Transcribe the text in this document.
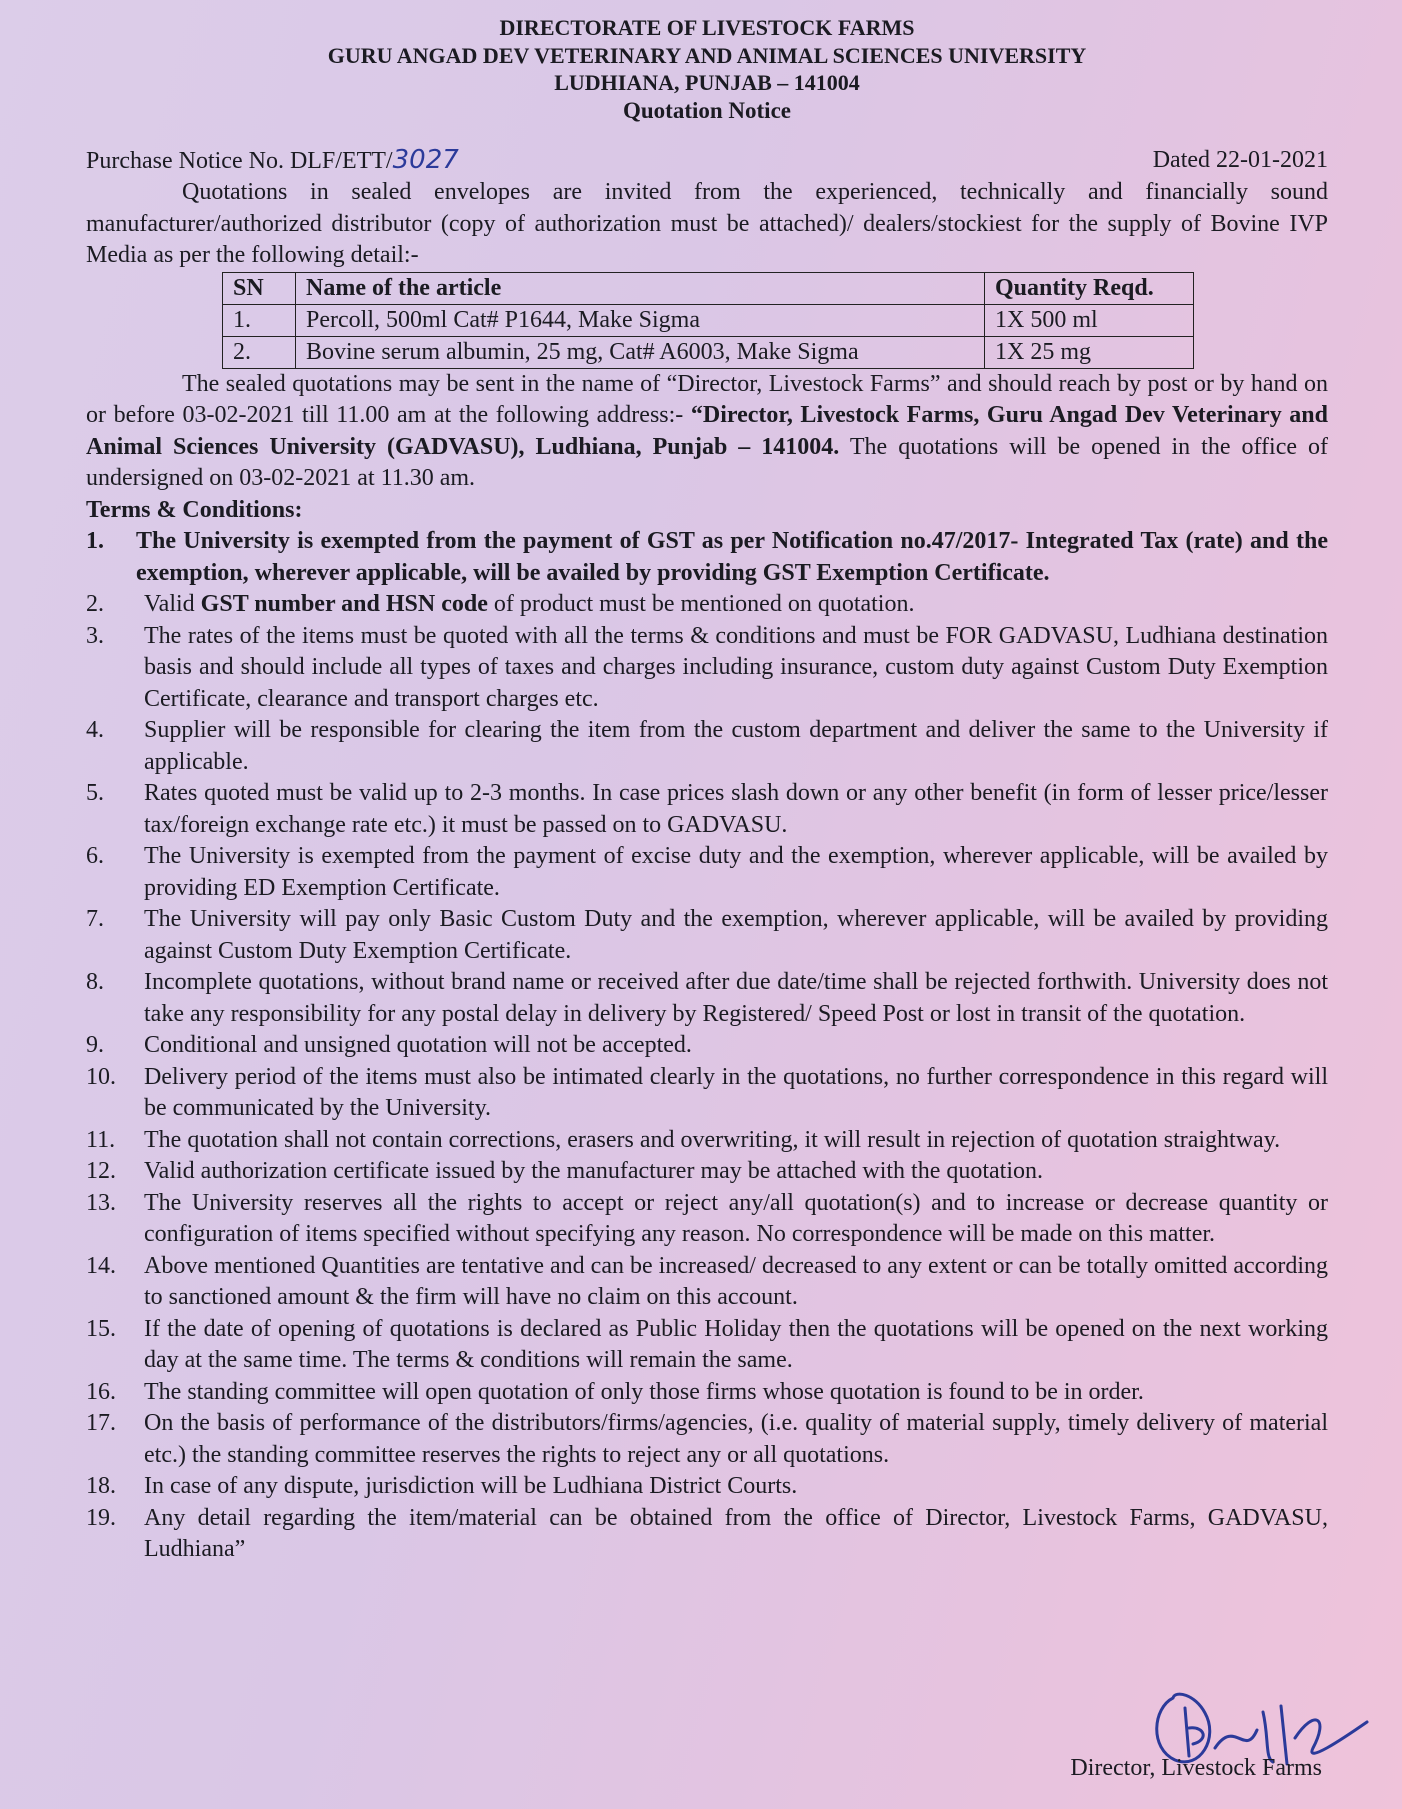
DIRECTORATE OF LIVESTOCK FARMS
GURU ANGAD DEV VETERINARY AND ANIMAL SCIENCES UNIVERSITY
LUDHIANA, PUNJAB – 141004
Quotation Notice
Purchase Notice No. DLF/ETT/3027	Dated 22-01-2021
Quotations in sealed envelopes are invited from the experienced, technically and financially sound manufacturer/authorized distributor (copy of authorization must be attached)/ dealers/stockiest for the supply of Bovine IVP Media as per the following detail:-
SN	Name of the article	Quantity Reqd.
1.	Percoll, 500ml Cat# P1644, Make Sigma	1X 500 ml
2.	Bovine serum albumin, 25 mg, Cat# A6003, Make Sigma	1X 25 mg
The sealed quotations may be sent in the name of “Director, Livestock Farms” and should reach by post or by hand on or before 03-02-2021 till 11.00 am at the following address:- “Director, Livestock Farms, Guru Angad Dev Veterinary and Animal Sciences University (GADVASU), Ludhiana, Punjab – 141004. The quotations will be opened in the office of undersigned on 03-02-2021 at 11.30 am.
Terms & Conditions:
1.	The University is exempted from the payment of GST as per Notification no.47/2017- Integrated Tax (rate) and the exemption, wherever applicable, will be availed by providing GST Exemption Certificate.
2.	Valid GST number and HSN code of product must be mentioned on quotation.
3.	The rates of the items must be quoted with all the terms & conditions and must be FOR GADVASU, Ludhiana destination basis and should include all types of taxes and charges including insurance, custom duty against Custom Duty Exemption Certificate, clearance and transport charges etc.
4.	Supplier will be responsible for clearing the item from the custom department and deliver the same to the University if applicable.
5.	Rates quoted must be valid up to 2-3 months. In case prices slash down or any other benefit (in form of lesser price/lesser tax/foreign exchange rate etc.) it must be passed on to GADVASU.
6.	The University is exempted from the payment of excise duty and the exemption, wherever applicable, will be availed by providing ED Exemption Certificate.
7.	The University will pay only Basic Custom Duty and the exemption, wherever applicable, will be availed by providing against Custom Duty Exemption Certificate.
8.	Incomplete quotations, without brand name or received after due date/time shall be rejected forthwith. University does not take any responsibility for any postal delay in delivery by Registered/ Speed Post or lost in transit of the quotation.
9.	Conditional and unsigned quotation will not be accepted.
10.	Delivery period of the items must also be intimated clearly in the quotations, no further correspondence in this regard will be communicated by the University.
11.	The quotation shall not contain corrections, erasers and overwriting, it will result in rejection of quotation straightway.
12.	Valid authorization certificate issued by the manufacturer may be attached with the quotation.
13.	The University reserves all the rights to accept or reject any/all quotation(s) and to increase or decrease quantity or configuration of items specified without specifying any reason. No correspondence will be made on this matter.
14.	Above mentioned Quantities are tentative and can be increased/ decreased to any extent or can be totally omitted according to sanctioned amount & the firm will have no claim on this account.
15.	If the date of opening of quotations is declared as Public Holiday then the quotations will be opened on the next working day at the same time. The terms & conditions will remain the same.
16.	The standing committee will open quotation of only those firms whose quotation is found to be in order.
17.	On the basis of performance of the distributors/firms/agencies, (i.e. quality of material supply, timely delivery of material etc.) the standing committee reserves the rights to reject any or all quotations.
18.	In case of any dispute, jurisdiction will be Ludhiana District Courts.
19.	Any detail regarding the item/material can be obtained from the office of Director, Livestock Farms, GADVASU, Ludhiana”
Director, Livestock Farms
